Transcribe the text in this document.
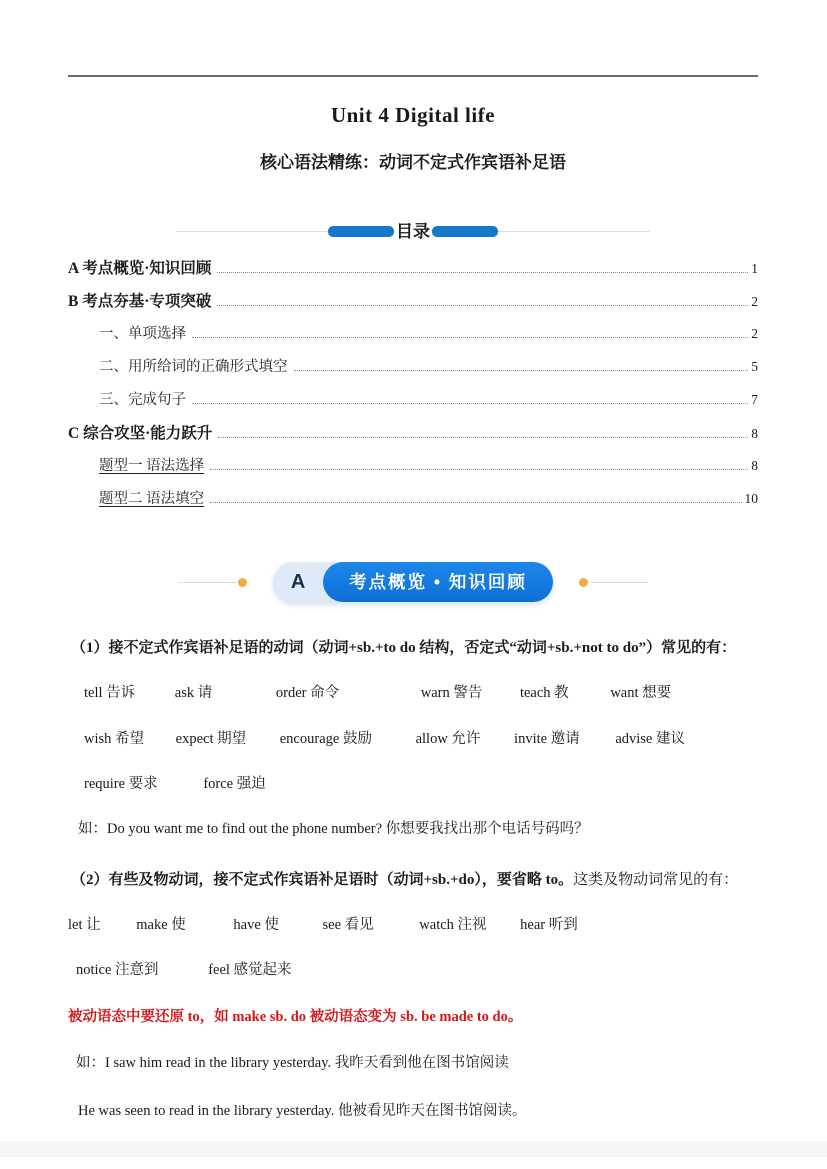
Unit 4 Digital life
核心语法精练：动词不定式作宾语补足语
目录
A 考点概览·知识回顾	1
B 考点夯基·专项突破	2
一、单项选择	2
二、用所给词的正确形式填空	5
三、完成句子	7
C 综合攻坚·能力跃升	8
题型一 语法选择	8
题型二 语法填空	10
A	考点概览 • 知识回顾
（1）接不定式作宾语补足语的动词（动词+sb.+to do 结构，否定式“动词+sb.+not to do”）常见的有：
tell 告诉	ask 请	order 命令	warn 警告	teach 教	want 想要
wish 希望 expect 期望 encourage 鼓励	allow 允许 invite 邀请 advise 建议
require 要求	force 强迫
如：Do you want me to find out the phone number? 你想要我找出那个电话号码吗？
（2）有些及物动词，接不定式作宾语补足语时（动词+sb.+do），要省略 to。这类及物动词常见的有：
let 让 make 使	have 使	see 看见	watch 注视 hear 听到
notice 注意到	feel 感觉起来
被动语态中要还原 to，如 make sb. do 被动语态变为 sb. be made to do。
如：I saw him read in the library yesterday. 我昨天看到他在图书馆阅读
He was seen to read in the library yesterday. 他被看见昨天在图书馆阅读。
